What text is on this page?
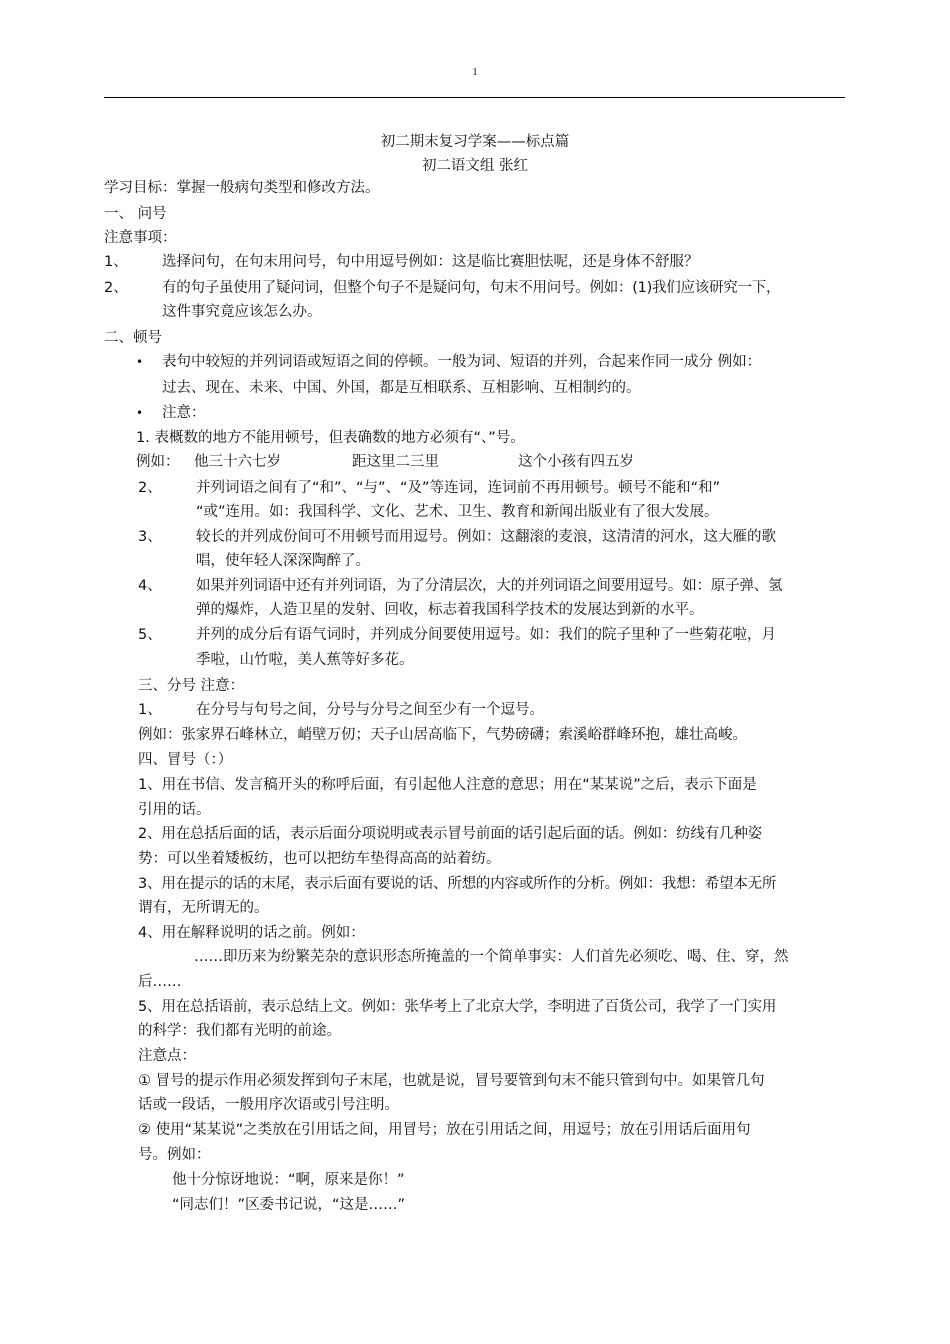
1
初二期末复习学案——标点篇
初二语文组 张红
学习目标：掌握一般病句类型和修改方法。
一、 问号
注意事项：
1、 选择问句，在句末用问号，句中用逗号例如：这是临比赛胆怯呢，还是身体不舒服？
2、 有的句子虽使用了疑问词，但整个句子不是疑问句，句末不用问号。例如：(1)我们应该研究一下，
这件事究竟应该怎么办。
二、顿号
• 表句中较短的并列词语或短语之间的停顿。一般为词、短语的并列，合起来作同一成分 例如：
过去、现在、未来、中国、外国，都是互相联系、互相影响、互相制约的。
• 注意：
1. 表概数的地方不能用顿号，但表确数的地方必须有“、”号。
例如： 他三十六七岁	距这里二三里	这个小孩有四五岁
2、 并列词语之间有了“和”、“与”、“及”等连词，连词前不再用顿号。顿号不能和“和”
“或”连用。如：我国科学、文化、艺术、卫生、教育和新闻出版业有了很大发展。
3、 较长的并列成份间可不用顿号而用逗号。例如：这翻滚的麦浪，这清清的河水，这大雁的歌
唱，使年轻人深深陶醉了。
4、 如果并列词语中还有并列词语，为了分清层次，大的并列词语之间要用逗号。如：原子弹、氢
弹的爆炸，人造卫星的发射、回收，标志着我国科学技术的发展达到新的水平。
5、 并列的成分后有语气词时，并列成分间要使用逗号。如：我们的院子里种了一些菊花啦，月
季啦，山竹啦，美人蕉等好多花。
三、分号 注意：
1、 在分号与句号之间，分号与分号之间至少有一个逗号。
例如：张家界石峰林立，峭壁万仞；天子山居高临下，气势磅礴；索溪峪群峰环抱，雄壮高峻。
四、冒号（：）
1、用在书信、发言稿开头的称呼后面，有引起他人注意的意思；用在“某某说”之后，表示下面是
引用的话。
2、用在总括后面的话，表示后面分项说明或表示冒号前面的话引起后面的话。例如：纺线有几种姿
势：可以坐着矮板纺，也可以把纺车垫得高高的站着纺。
3、用在提示的话的末尾，表示后面有要说的话、所想的内容或所作的分析。例如：我想：希望本无所
谓有，无所谓无的。
4、用在解释说明的话之前。例如：
……即历来为纷繁芜杂的意识形态所掩盖的一个简单事实：人们首先必须吃、喝、住、穿，然
后……
5、用在总括语前，表示总结上文。例如：张华考上了北京大学，李明进了百货公司，我学了一门实用
的科学：我们都有光明的前途。
注意点：
① 冒号的提示作用必须发挥到句子末尾，也就是说，冒号要管到句末不能只管到句中。如果管几句
话或一段话，一般用序次语或引号注明。
② 使用“某某说”之类放在引用话之间，用冒号；放在引用话之间，用逗号；放在引用话后面用句
号。例如：
他十分惊讶地说：“啊，原来是你！”
“同志们！”区委书记说，“这是……”
